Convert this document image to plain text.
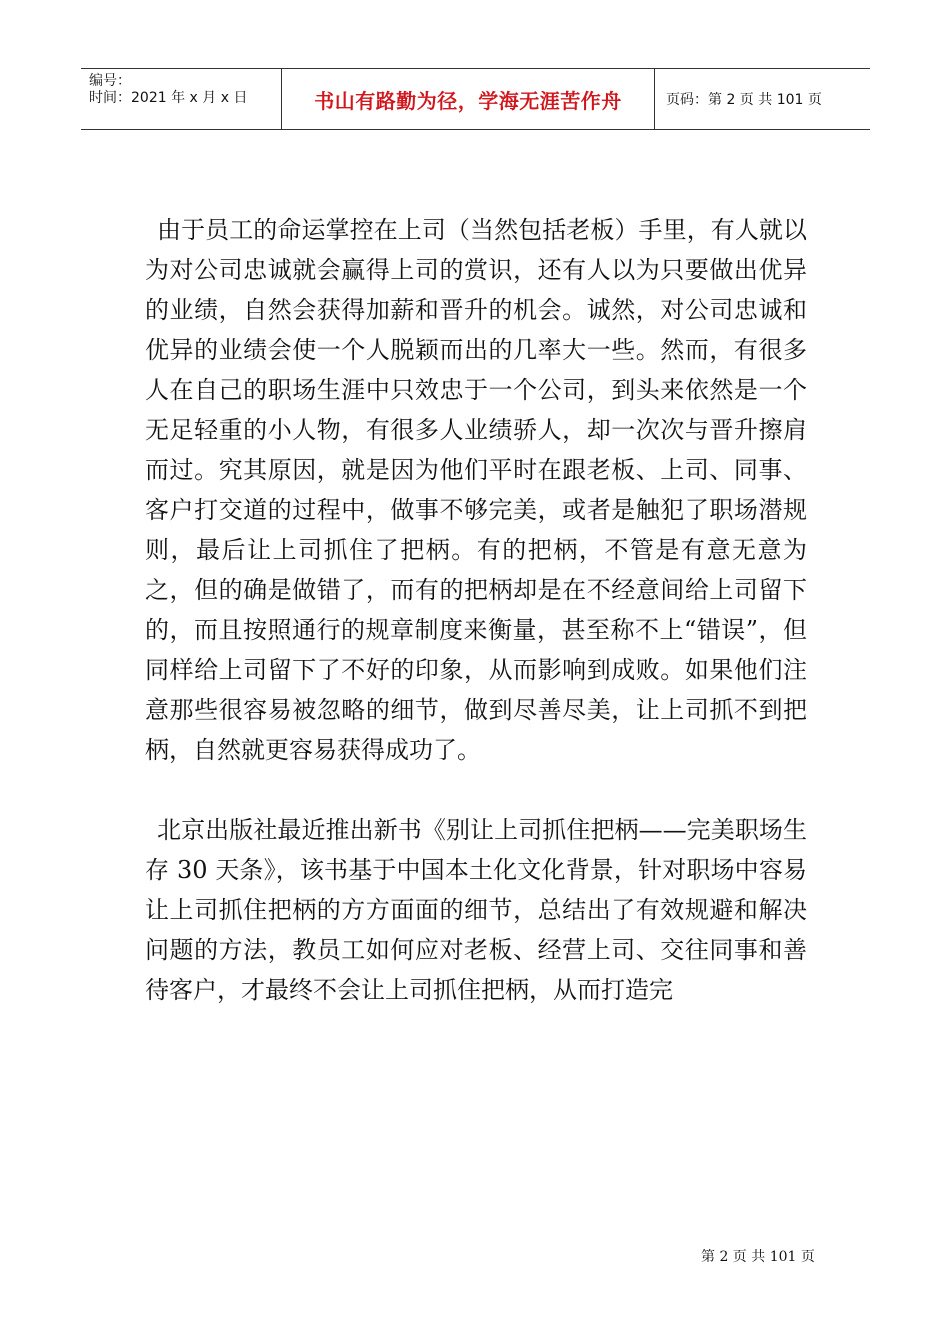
编号：
时间：2021 年 x 月 x 日	书山有路勤为径，学海无涯苦作舟	页码：第 2 页 共 101 页

由于员工的命运掌控在上司（当然包括老板）手里，有人就以为对公司忠诚就会赢得上司的赏识，还有人以为只要做出优异的业绩，自然会获得加薪和晋升的机会。诚然，对公司忠诚和优异的业绩会使一个人脱颖而出的几率大一些。然而，有很多人在自己的职场生涯中只效忠于一个公司，到头来依然是一个无足轻重的小人物，有很多人业绩骄人，却一次次与晋升擦肩而过。究其原因，就是因为他们平时在跟老板、上司、同事、客户打交道的过程中，做事不够完美，或者是触犯了职场潜规则，最后让上司抓住了把柄。有的把柄，不管是有意无意为之，但的确是做错了，而有的把柄却是在不经意间给上司留下的，而且按照通行的规章制度来衡量，甚至称不上“错误”，但同样给上司留下了不好的印象，从而影响到成败。如果他们注意那些很容易被忽略的细节，做到尽善尽美，让上司抓不到把柄，自然就更容易获得成功了。

北京出版社最近推出新书《别让上司抓住把柄——完美职场生存 30 天条》，该书基于中国本土化文化背景，针对职场中容易让上司抓住把柄的方方面面的细节，总结出了有效规避和解决问题的方法，教员工如何应对老板、经营上司、交往同事和善待客户，才最终不会让上司抓住把柄，从而打造完

第 2 页 共 101 页
